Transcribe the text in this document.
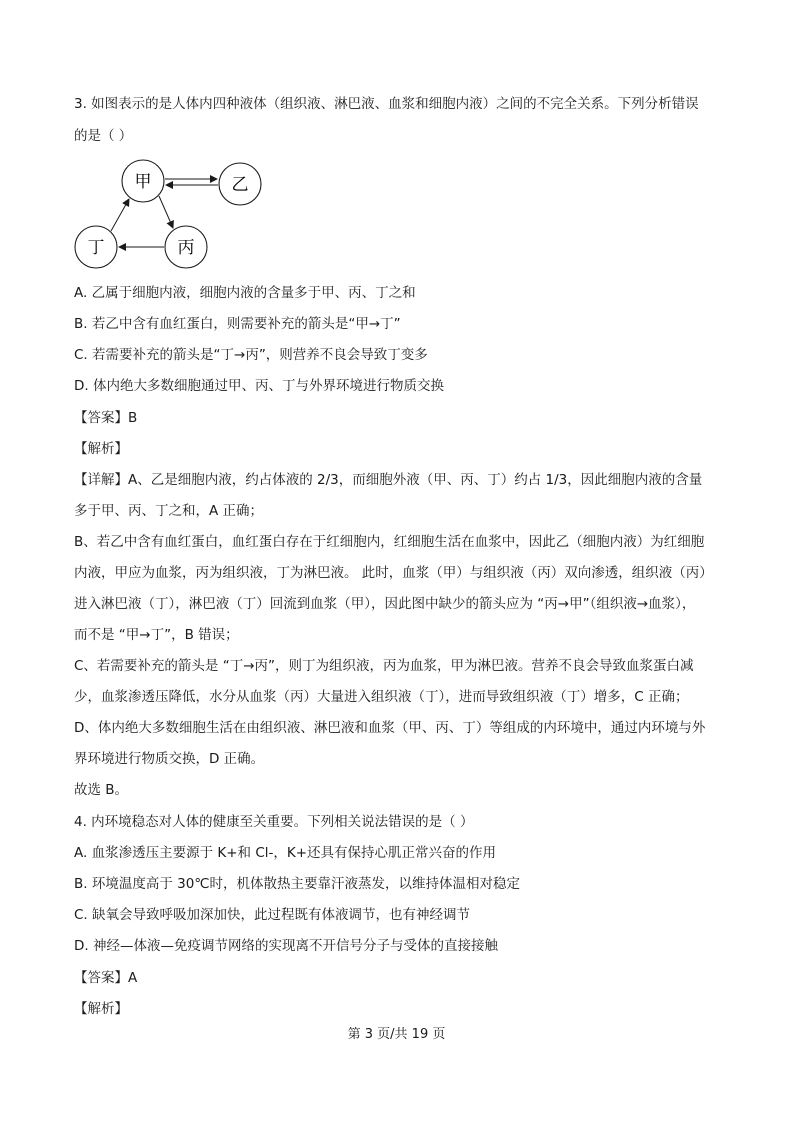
3. 如图表示的是人体内四种液体（组织液、淋巴液、血浆和细胞内液）之间的不完全关系。下列分析错误
的是（ ）
甲	乙
丙
丁
A. 乙属于细胞内液，细胞内液的含量多于甲、丙、丁之和
B. 若乙中含有血红蛋白，则需要补充的箭头是“甲→丁”
C. 若需要补充的箭头是“丁→丙”，则营养不良会导致丁变多
D. 体内绝大多数细胞通过甲、丙、丁与外界环境进行物质交换
【答案】B
【解析】
【详解】A、乙是细胞内液，约占体液的 2/3，而细胞外液（甲、丙、丁）约占 1/3，因此细胞内液的含量
多于甲、丙、丁之和，A 正确；
B、若乙中含有血红蛋白，血红蛋白存在于红细胞内，红细胞生活在血浆中，因此乙（细胞内液）为红细胞
内液，甲应为血浆，丙为组织液，丁为淋巴液。 此时，血浆（甲）与组织液（丙）双向渗透，组织液（丙）
进入淋巴液（丁），淋巴液（丁）回流到血浆（甲），因此图中缺少的箭头应为 “丙→甲”（组织液→血浆），
而不是 “甲→丁”，B 错误；
C、若需要补充的箭头是 “丁→丙”，则丁为组织液，丙为血浆，甲为淋巴液。营养不良会导致血浆蛋白减
少，血浆渗透压降低，水分从血浆（丙）大量进入组织液（丁），进而导致组织液（丁）增多，C 正确；
D、体内绝大多数细胞生活在由组织液、淋巴液和血浆（甲、丙、丁）等组成的内环境中，通过内环境与外
界环境进行物质交换，D 正确。
故选 B。
4. 内环境稳态对人体的健康至关重要。下列相关说法错误的是（ ）
A. 血浆渗透压主要源于 K+和 Cl-，K+还具有保持心肌正常兴奋的作用
B. 环境温度高于 30℃时，机体散热主要靠汗液蒸发，以维持体温相对稳定
C. 缺氧会导致呼吸加深加快，此过程既有体液调节，也有神经调节
D. 神经—体液—免疫调节网络的实现离不开信号分子与受体的直接接触
【答案】A
【解析】
第 3 页/共 19 页
